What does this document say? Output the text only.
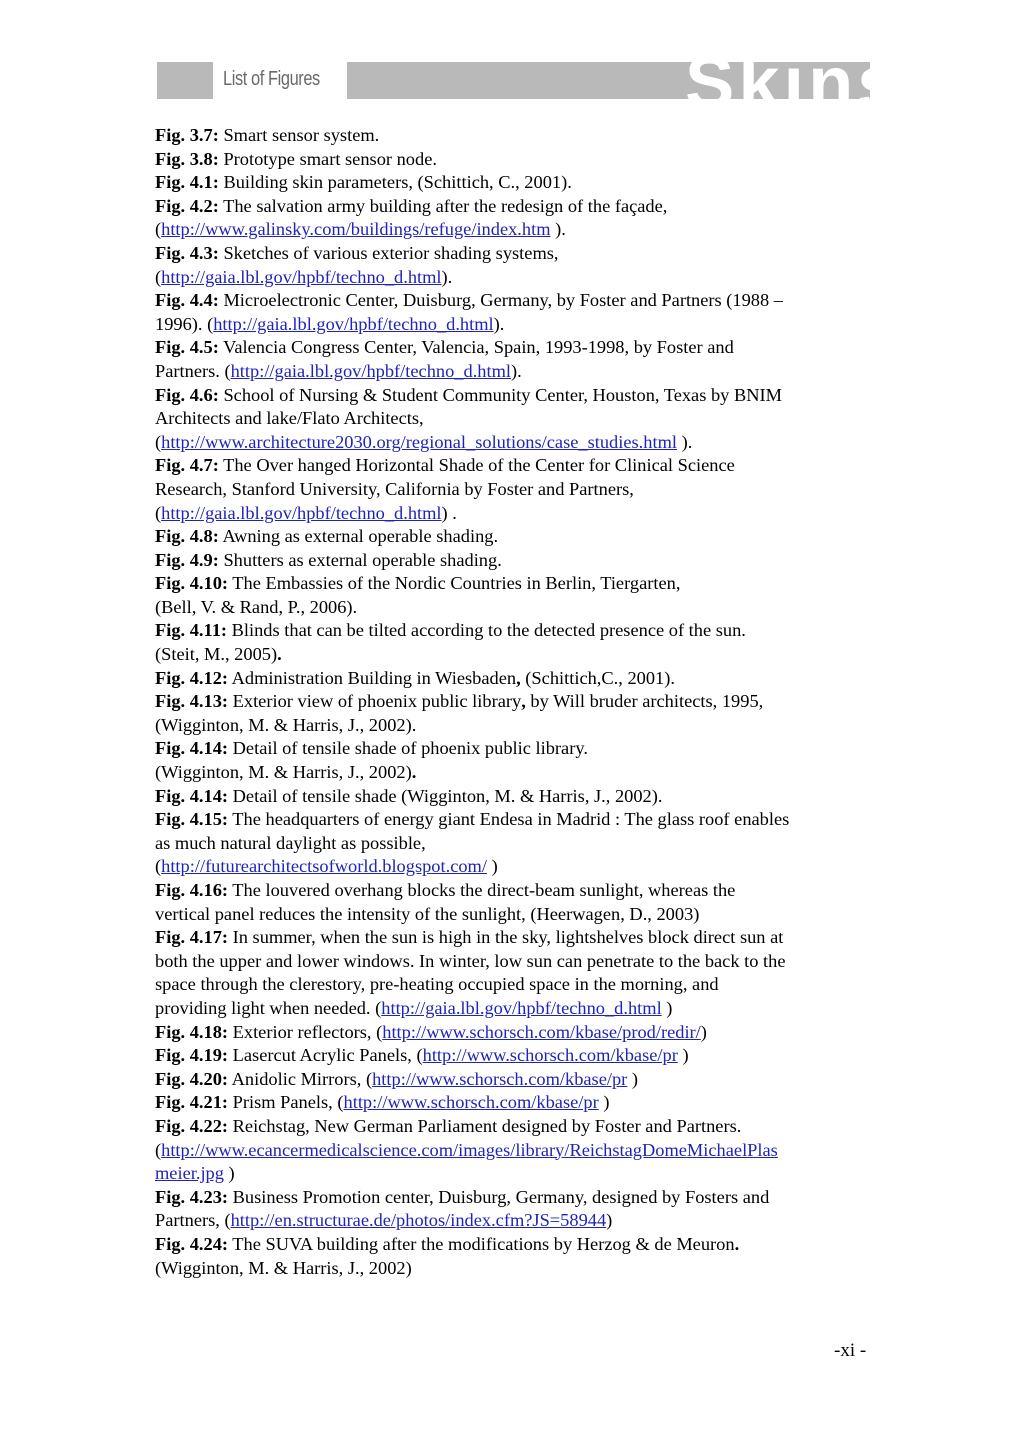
List of Figures	Skins
Fig. 3.7: Smart sensor system.
Fig. 3.8: Prototype smart sensor node.
Fig. 4.1: Building skin parameters, (Schittich, C., 2001).
Fig. 4.2: The salvation army building after the redesign of the façade,
(http://www.galinsky.com/buildings/refuge/index.htm ).
Fig. 4.3: Sketches of various exterior shading systems,
(http://gaia.lbl.gov/hpbf/techno_d.html).
Fig. 4.4: Microelectronic Center, Duisburg, Germany, by Foster and Partners (1988 –
1996). (http://gaia.lbl.gov/hpbf/techno_d.html).
Fig. 4.5: Valencia Congress Center, Valencia, Spain, 1993-1998, by Foster and
Partners. (http://gaia.lbl.gov/hpbf/techno_d.html).
Fig. 4.6: School of Nursing & Student Community Center, Houston, Texas by BNIM
Architects and lake/Flato Architects,
(http://www.architecture2030.org/regional_solutions/case_studies.html ).
Fig. 4.7: The Over hanged Horizontal Shade of the Center for Clinical Science
Research, Stanford University, California by Foster and Partners,
(http://gaia.lbl.gov/hpbf/techno_d.html) .
Fig. 4.8: Awning as external operable shading.
Fig. 4.9: Shutters as external operable shading.
Fig. 4.10: The Embassies of the Nordic Countries in Berlin, Tiergarten,
(Bell, V. & Rand, P., 2006).
Fig. 4.11: Blinds that can be tilted according to the detected presence of the sun.
(Steit, M., 2005).
Fig. 4.12: Administration Building in Wiesbaden, (Schittich,C., 2001).
Fig. 4.13: Exterior view of phoenix public library, by Will bruder architects, 1995,
(Wigginton, M. & Harris, J., 2002).
Fig. 4.14: Detail of tensile shade of phoenix public library.
(Wigginton, M. & Harris, J., 2002).
Fig. 4.14: Detail of tensile shade (Wigginton, M. & Harris, J., 2002).
Fig. 4.15: The headquarters of energy giant Endesa in Madrid : The glass roof enables
as much natural daylight as possible,
(http://futurearchitectsofworld.blogspot.com/ )
Fig. 4.16: The louvered overhang blocks the direct-beam sunlight, whereas the
vertical panel reduces the intensity of the sunlight, (Heerwagen, D., 2003)
Fig. 4.17: In summer, when the sun is high in the sky, lightshelves block direct sun at
both the upper and lower windows. In winter, low sun can penetrate to the back to the
space through the clerestory, pre-heating occupied space in the morning, and
providing light when needed. (http://gaia.lbl.gov/hpbf/techno_d.html )
Fig. 4.18: Exterior reflectors, (http://www.schorsch.com/kbase/prod/redir/)
Fig. 4.19: Lasercut Acrylic Panels, (http://www.schorsch.com/kbase/pr )
Fig. 4.20: Anidolic Mirrors, (http://www.schorsch.com/kbase/pr )
Fig. 4.21: Prism Panels, (http://www.schorsch.com/kbase/pr )
Fig. 4.22: Reichstag, New German Parliament designed by Foster and Partners.
(http://www.ecancermedicalscience.com/images/library/ReichstagDomeMichaelPlas
meier.jpg )
Fig. 4.23: Business Promotion center, Duisburg, Germany, designed by Fosters and
Partners, (http://en.structurae.de/photos/index.cfm?JS=58944)
Fig. 4.24: The SUVA building after the modifications by Herzog & de Meuron.
(Wigginton, M. & Harris, J., 2002)
-xi -
